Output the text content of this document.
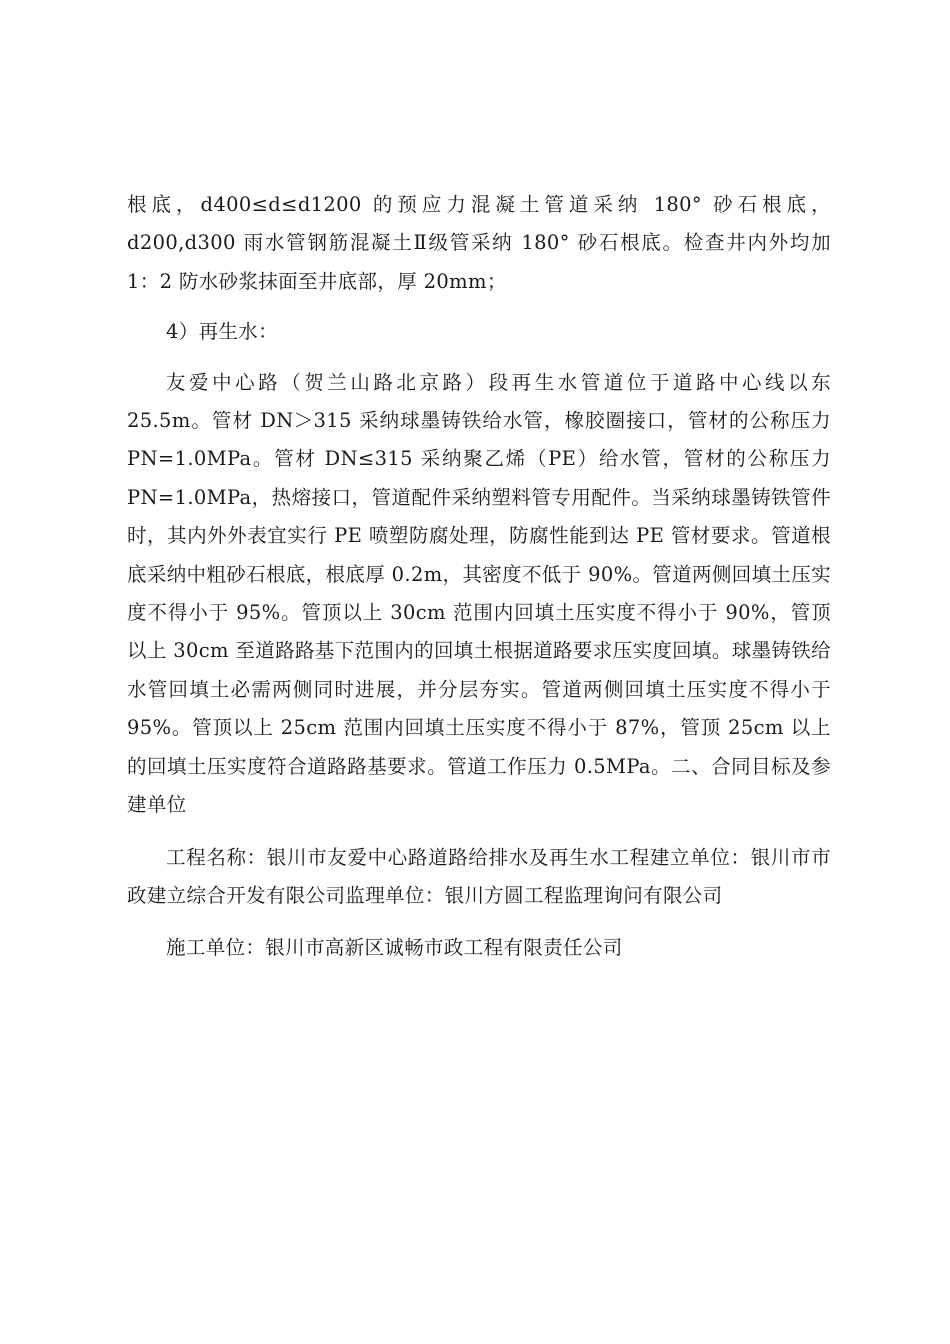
根底，d400≤d≤d1200 的预应力混凝土管道采纳 180° 砂石根底，d200,d300 雨水管钢筋混凝土Ⅱ级管采纳 180° 砂石根底。检查井内外均加 1：2 防水砂浆抹面至井底部，厚 20mm；

4）再生水：

友爱中心路（贺兰山路北京路）段再生水管道位于道路中心线以东 25.5m。管材 DN＞315 采纳球墨铸铁给水管，橡胶圈接口，管材的公称压力 PN=1.0MPa。管材 DN≤315 采纳聚乙烯（PE）给水管，管材的公称压力 PN=1.0MPa，热熔接口，管道配件采纳塑料管专用配件。当采纳球墨铸铁管件时，其内外外表宜实行 PE 喷塑防腐处理，防腐性能到达 PE 管材要求。管道根底采纳中粗砂石根底，根底厚 0.2m，其密度不低于 90%。管道两侧回填土压实度不得小于 95%。管顶以上 30cm 范围内回填土压实度不得小于 90%，管顶以上 30cm 至道路路基下范围内的回填土根据道路要求压实度回填。球墨铸铁给水管回填土必需两侧同时进展，并分层夯实。管道两侧回填土压实度不得小于 95%。管顶以上 25cm 范围内回填土压实度不得小于 87%，管顶 25cm 以上的回填土压实度符合道路路基要求。管道工作压力 0.5MPa。二、合同目标及参建单位

工程名称：银川市友爱中心路道路给排水及再生水工程建立单位：银川市市政建立综合开发有限公司监理单位：银川方圆工程监理询问有限公司

施工单位：银川市高新区诚畅市政工程有限责任公司
